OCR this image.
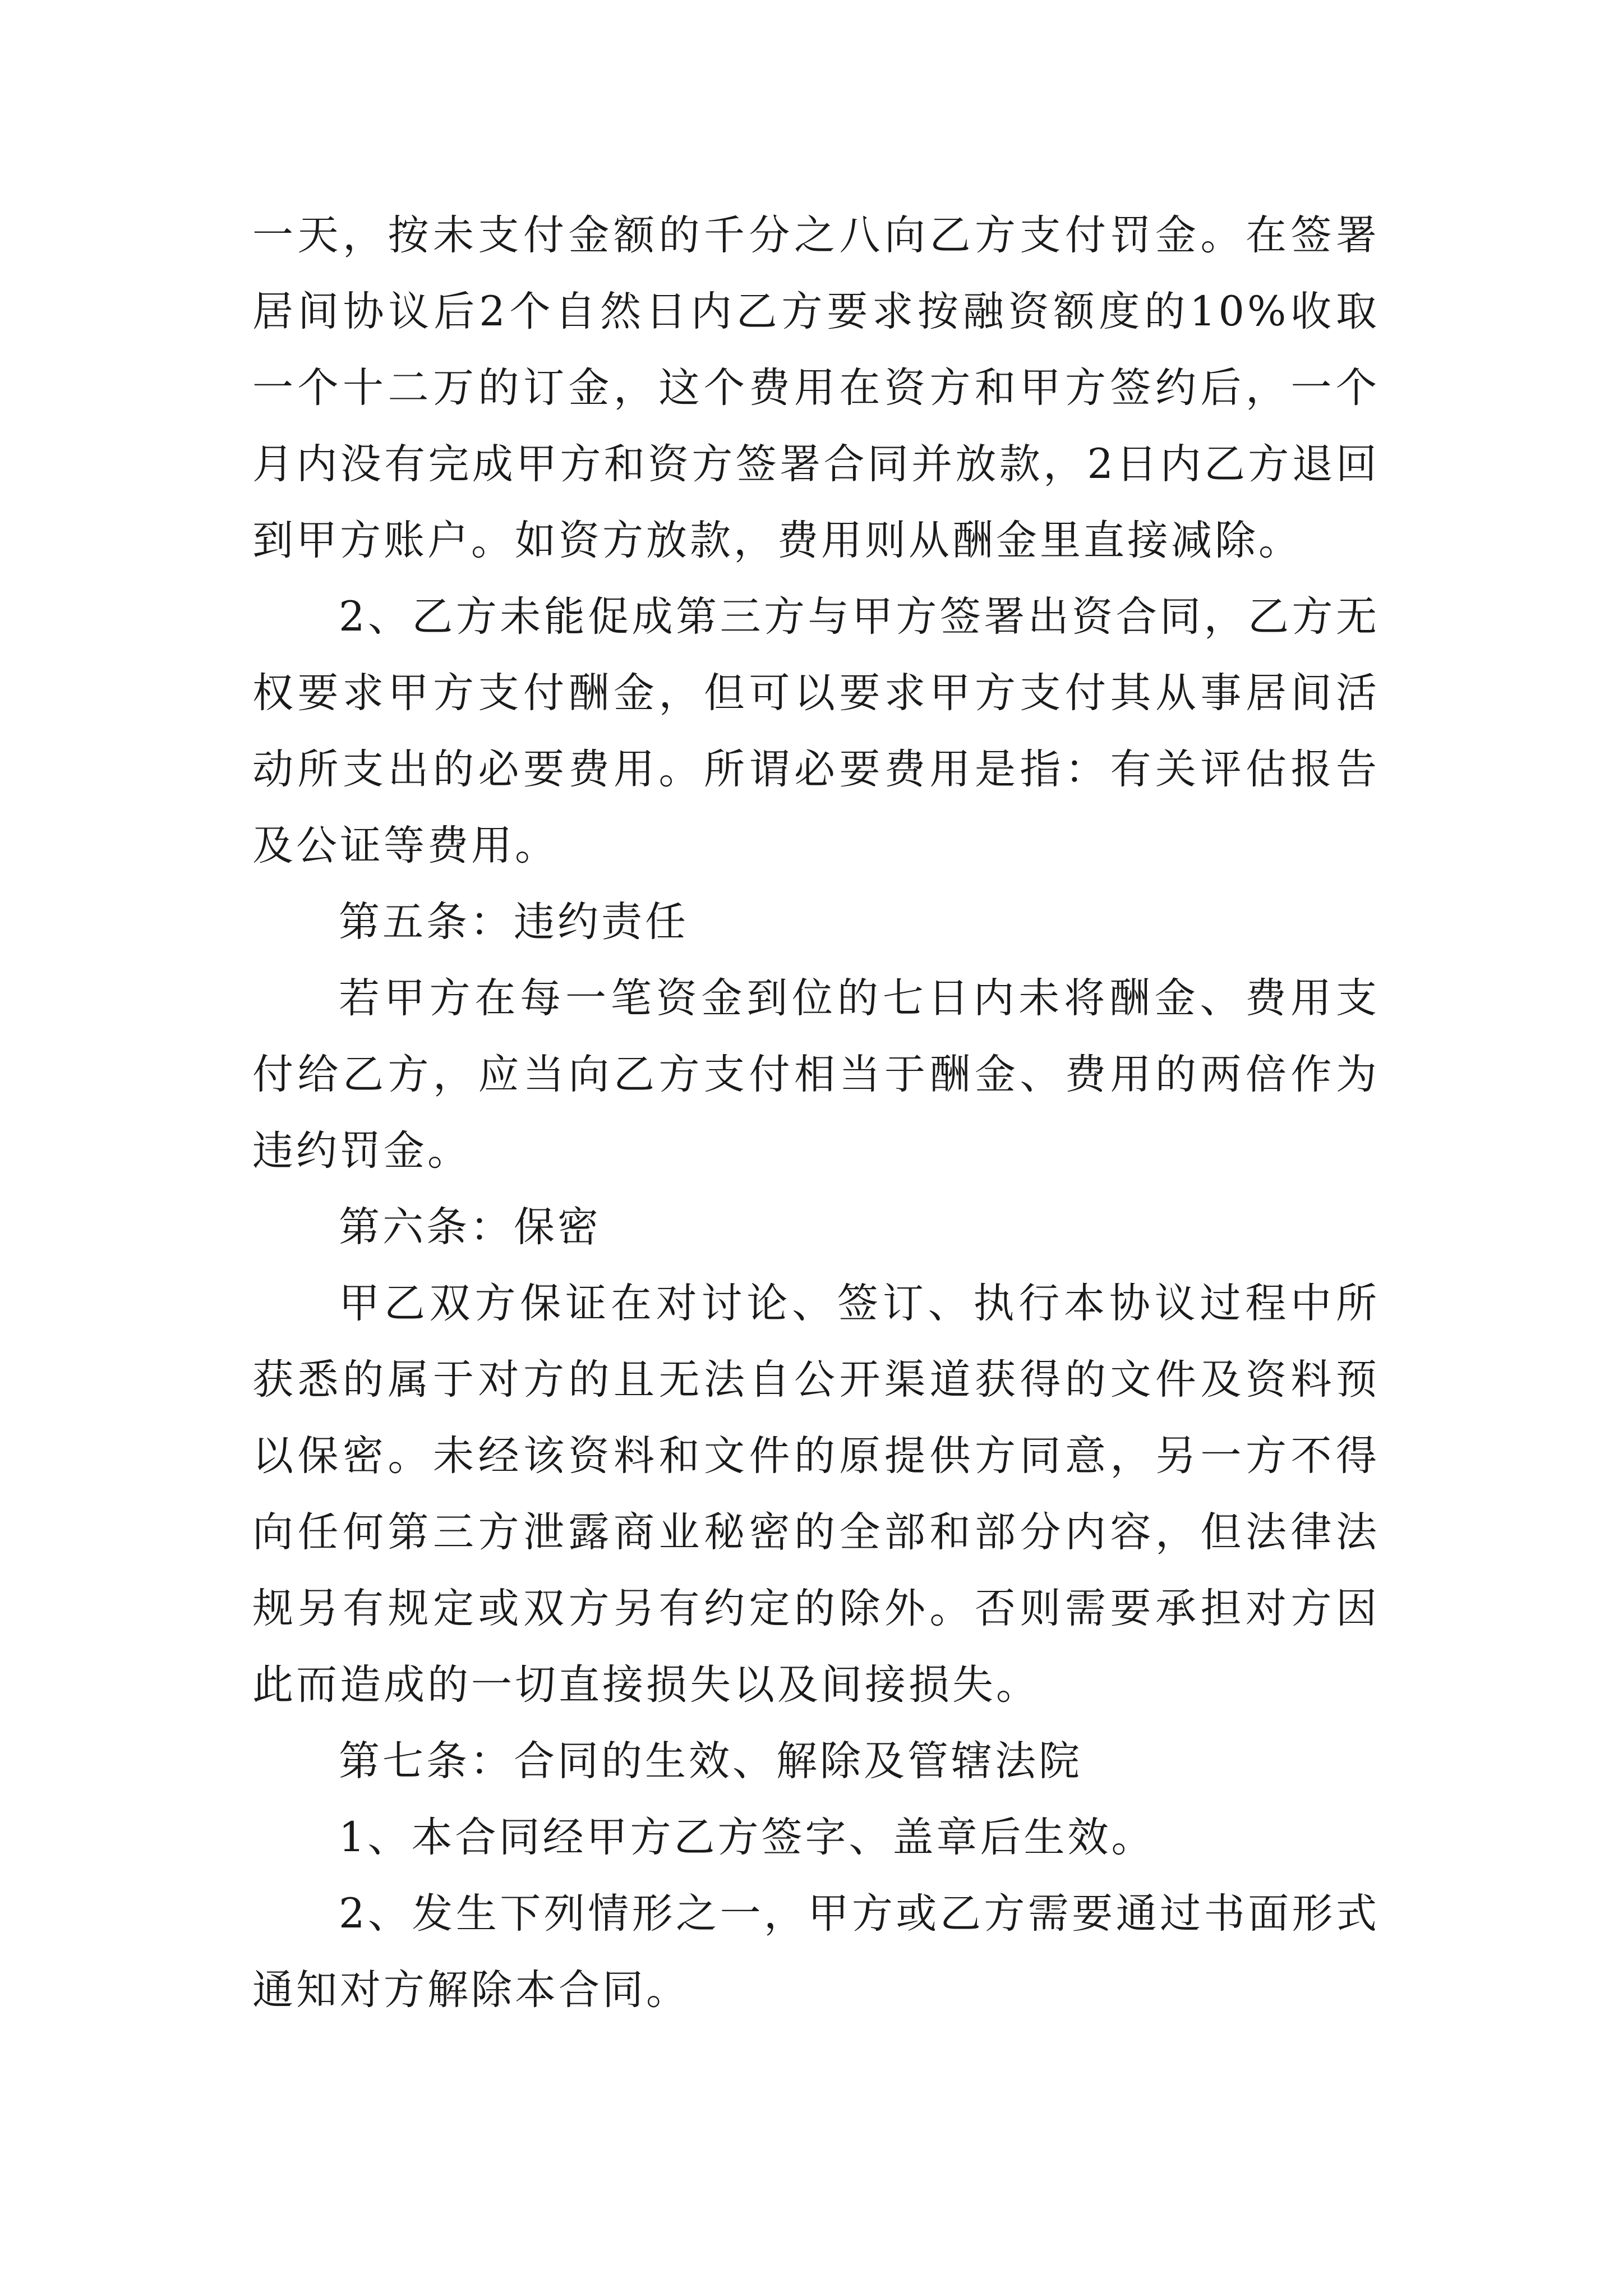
一天，按未支付金额的千分之八向乙方支付罚金。在签署居间协议后2个自然日内乙方要求按融资额度的10%收取一个十二万的订金，这个费用在资方和甲方签约后，一个月内没有完成甲方和资方签署合同并放款，2日内乙方退回到甲方账户。如资方放款，费用则从酬金里直接减除。

2、乙方未能促成第三方与甲方签署出资合同，乙方无权要求甲方支付酬金，但可以要求甲方支付其从事居间活动所支出的必要费用。所谓必要费用是指：有关评估报告及公证等费用。

第五条：违约责任

若甲方在每一笔资金到位的七日内未将酬金、费用支付给乙方，应当向乙方支付相当于酬金、费用的两倍作为违约罚金。

第六条：保密

甲乙双方保证在对讨论、签订、执行本协议过程中所获悉的属于对方的且无法自公开渠道获得的文件及资料预以保密。未经该资料和文件的原提供方同意，另一方不得向任何第三方泄露商业秘密的全部和部分内容，但法律法规另有规定或双方另有约定的除外。否则需要承担对方因此而造成的一切直接损失以及间接损失。

第七条：合同的生效、解除及管辖法院

1、本合同经甲方乙方签字、盖章后生效。

2、发生下列情形之一，甲方或乙方需要通过书面形式通知对方解除本合同。
